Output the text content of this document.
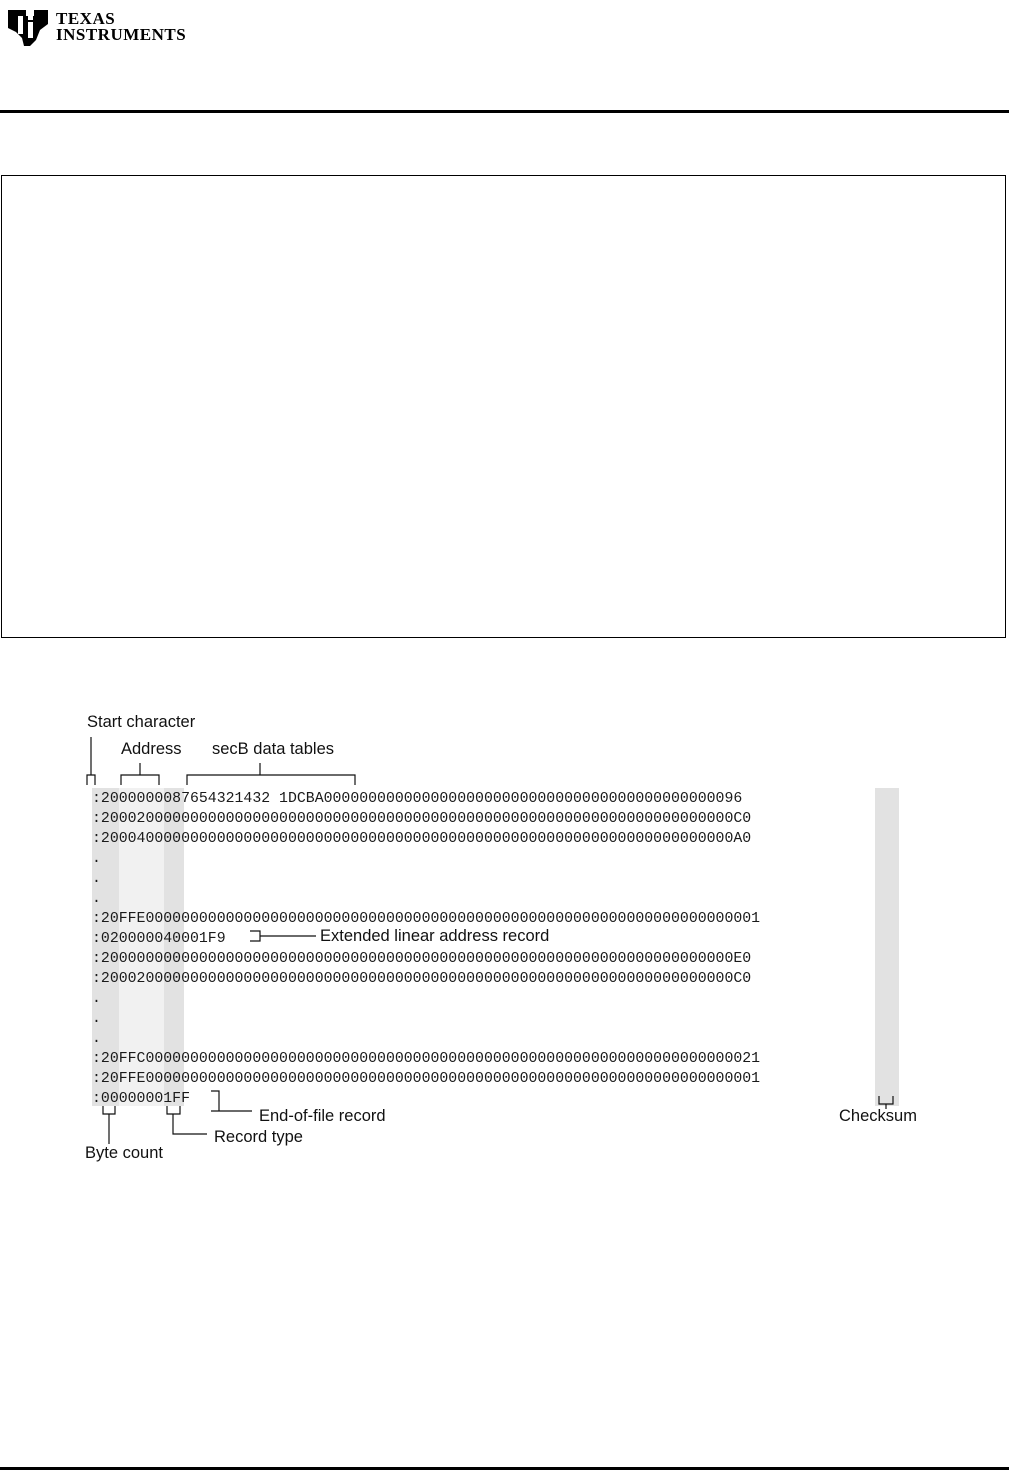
TEXAS
INSTRUMENTS
:2000000087654321432 1DCBA00000000000000000000000000000000000000000000096
:20002000000000000000000000000000000000000000000000000000000000000000000C0
:20004000000000000000000000000000000000000000000000000000000000000000000A0
.
.
.
:20FFE000000000000000000000000000000000000000000000000000000000000000000001
:020000040001F9
:20000000000000000000000000000000000000000000000000000000000000000000000E0
:20002000000000000000000000000000000000000000000000000000000000000000000C0
.
.
.
:20FFC000000000000000000000000000000000000000000000000000000000000000000021
:20FFE000000000000000000000000000000000000000000000000000000000000000000001
:00000001FF
Start character
Address secB data tables
Extended linear address record
End-of-file record	Checksum
Record type
Byte count
